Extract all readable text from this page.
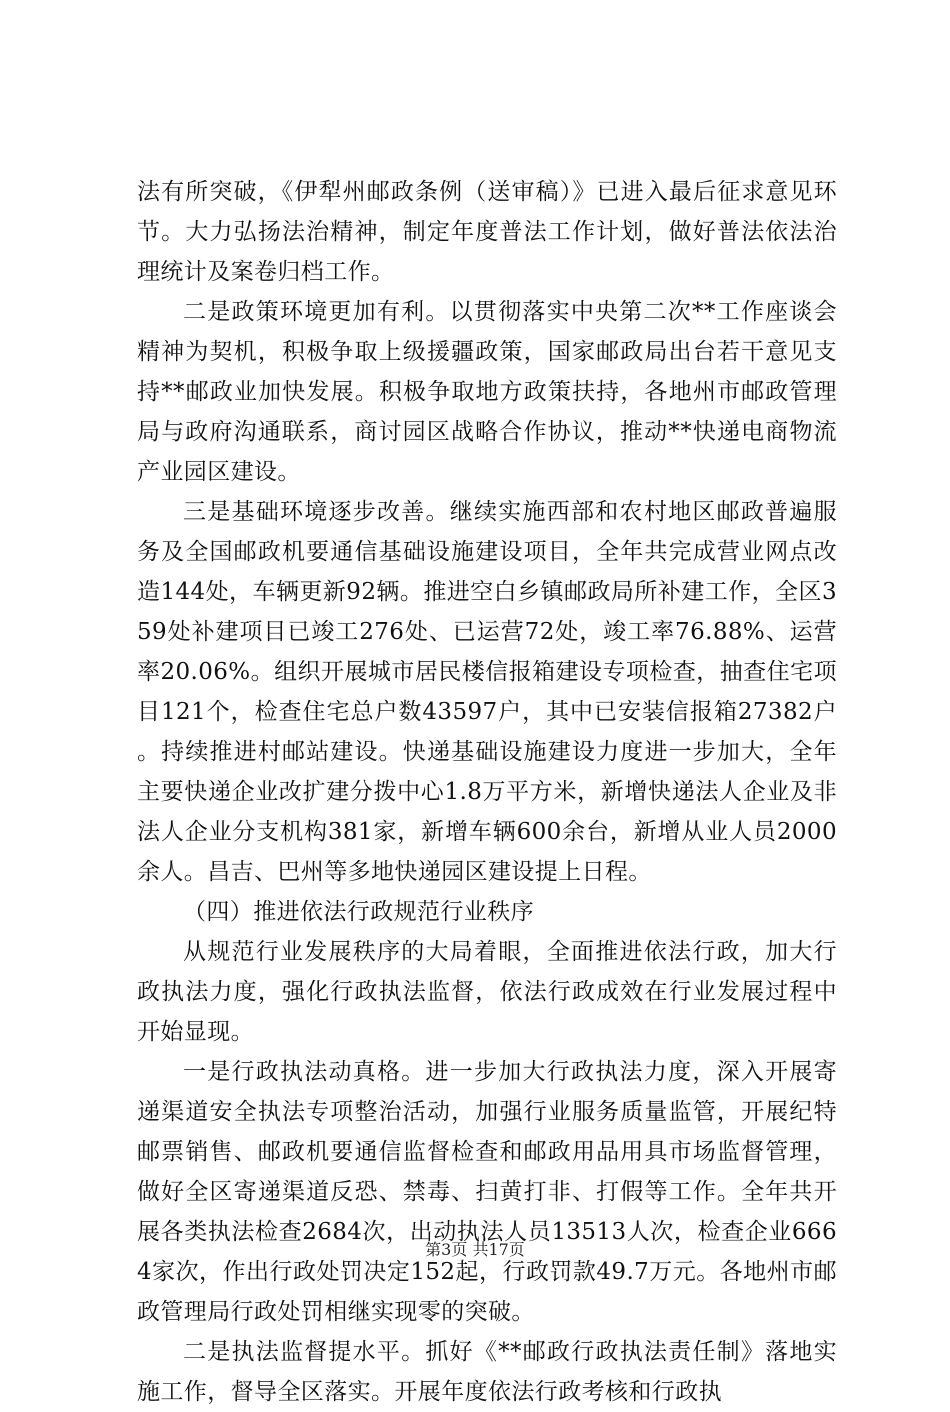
法有所突破，《伊犁州邮政条例（送审稿）》已进入最后征求意见环节。大力弘扬法治精神，制定年度普法工作计划，做好普法依法治理统计及案卷归档工作。

二是政策环境更加有利。以贯彻落实中央第二次**工作座谈会精神为契机，积极争取上级援疆政策，国家邮政局出台若干意见支持**邮政业加快发展。积极争取地方政策扶持，各地州市邮政管理局与政府沟通联系，商讨园区战略合作协议，推动**快递电商物流产业园区建设。

三是基础环境逐步改善。继续实施西部和农村地区邮政普遍服务及全国邮政机要通信基础设施建设项目，全年共完成营业网点改造144处，车辆更新92辆。推进空白乡镇邮政局所补建工作，全区359处补建项目已竣工276处、已运营72处，竣工率76.88%、运营率20.06%。组织开展城市居民楼信报箱建设专项检查，抽查住宅项目121个，检查住宅总户数43597户，其中已安装信报箱27382户。持续推进村邮站建设。快递基础设施建设力度进一步加大，全年主要快递企业改扩建分拨中心1.8万平方米，新增快递法人企业及非法人企业分支机构381家，新增车辆600余台，新增从业人员2000余人。昌吉、巴州等多地快递园区建设提上日程。

（四）推进依法行政规范行业秩序

从规范行业发展秩序的大局着眼，全面推进依法行政，加大行政执法力度，强化行政执法监督，依法行政成效在行业发展过程中开始显现。

一是行政执法动真格。进一步加大行政执法力度，深入开展寄递渠道安全执法专项整治活动，加强行业服务质量监管，开展纪特邮票销售、邮政机要通信监督检查和邮政用品用具市场监督管理，做好全区寄递渠道反恐、禁毒、扫黄打非、打假等工作。全年共开展各类执法检查2684次，出动执法人员13513人次，检查企业6664家次，作出行政处罚决定152起，行政罚款49.7万元。各地州市邮政管理局行政处罚相继实现零的突破。

二是执法监督提水平。抓好《**邮政行政执法责任制》落地实施工作，督导全区落实。开展年度依法行政考核和行政执

第3页 共17页
